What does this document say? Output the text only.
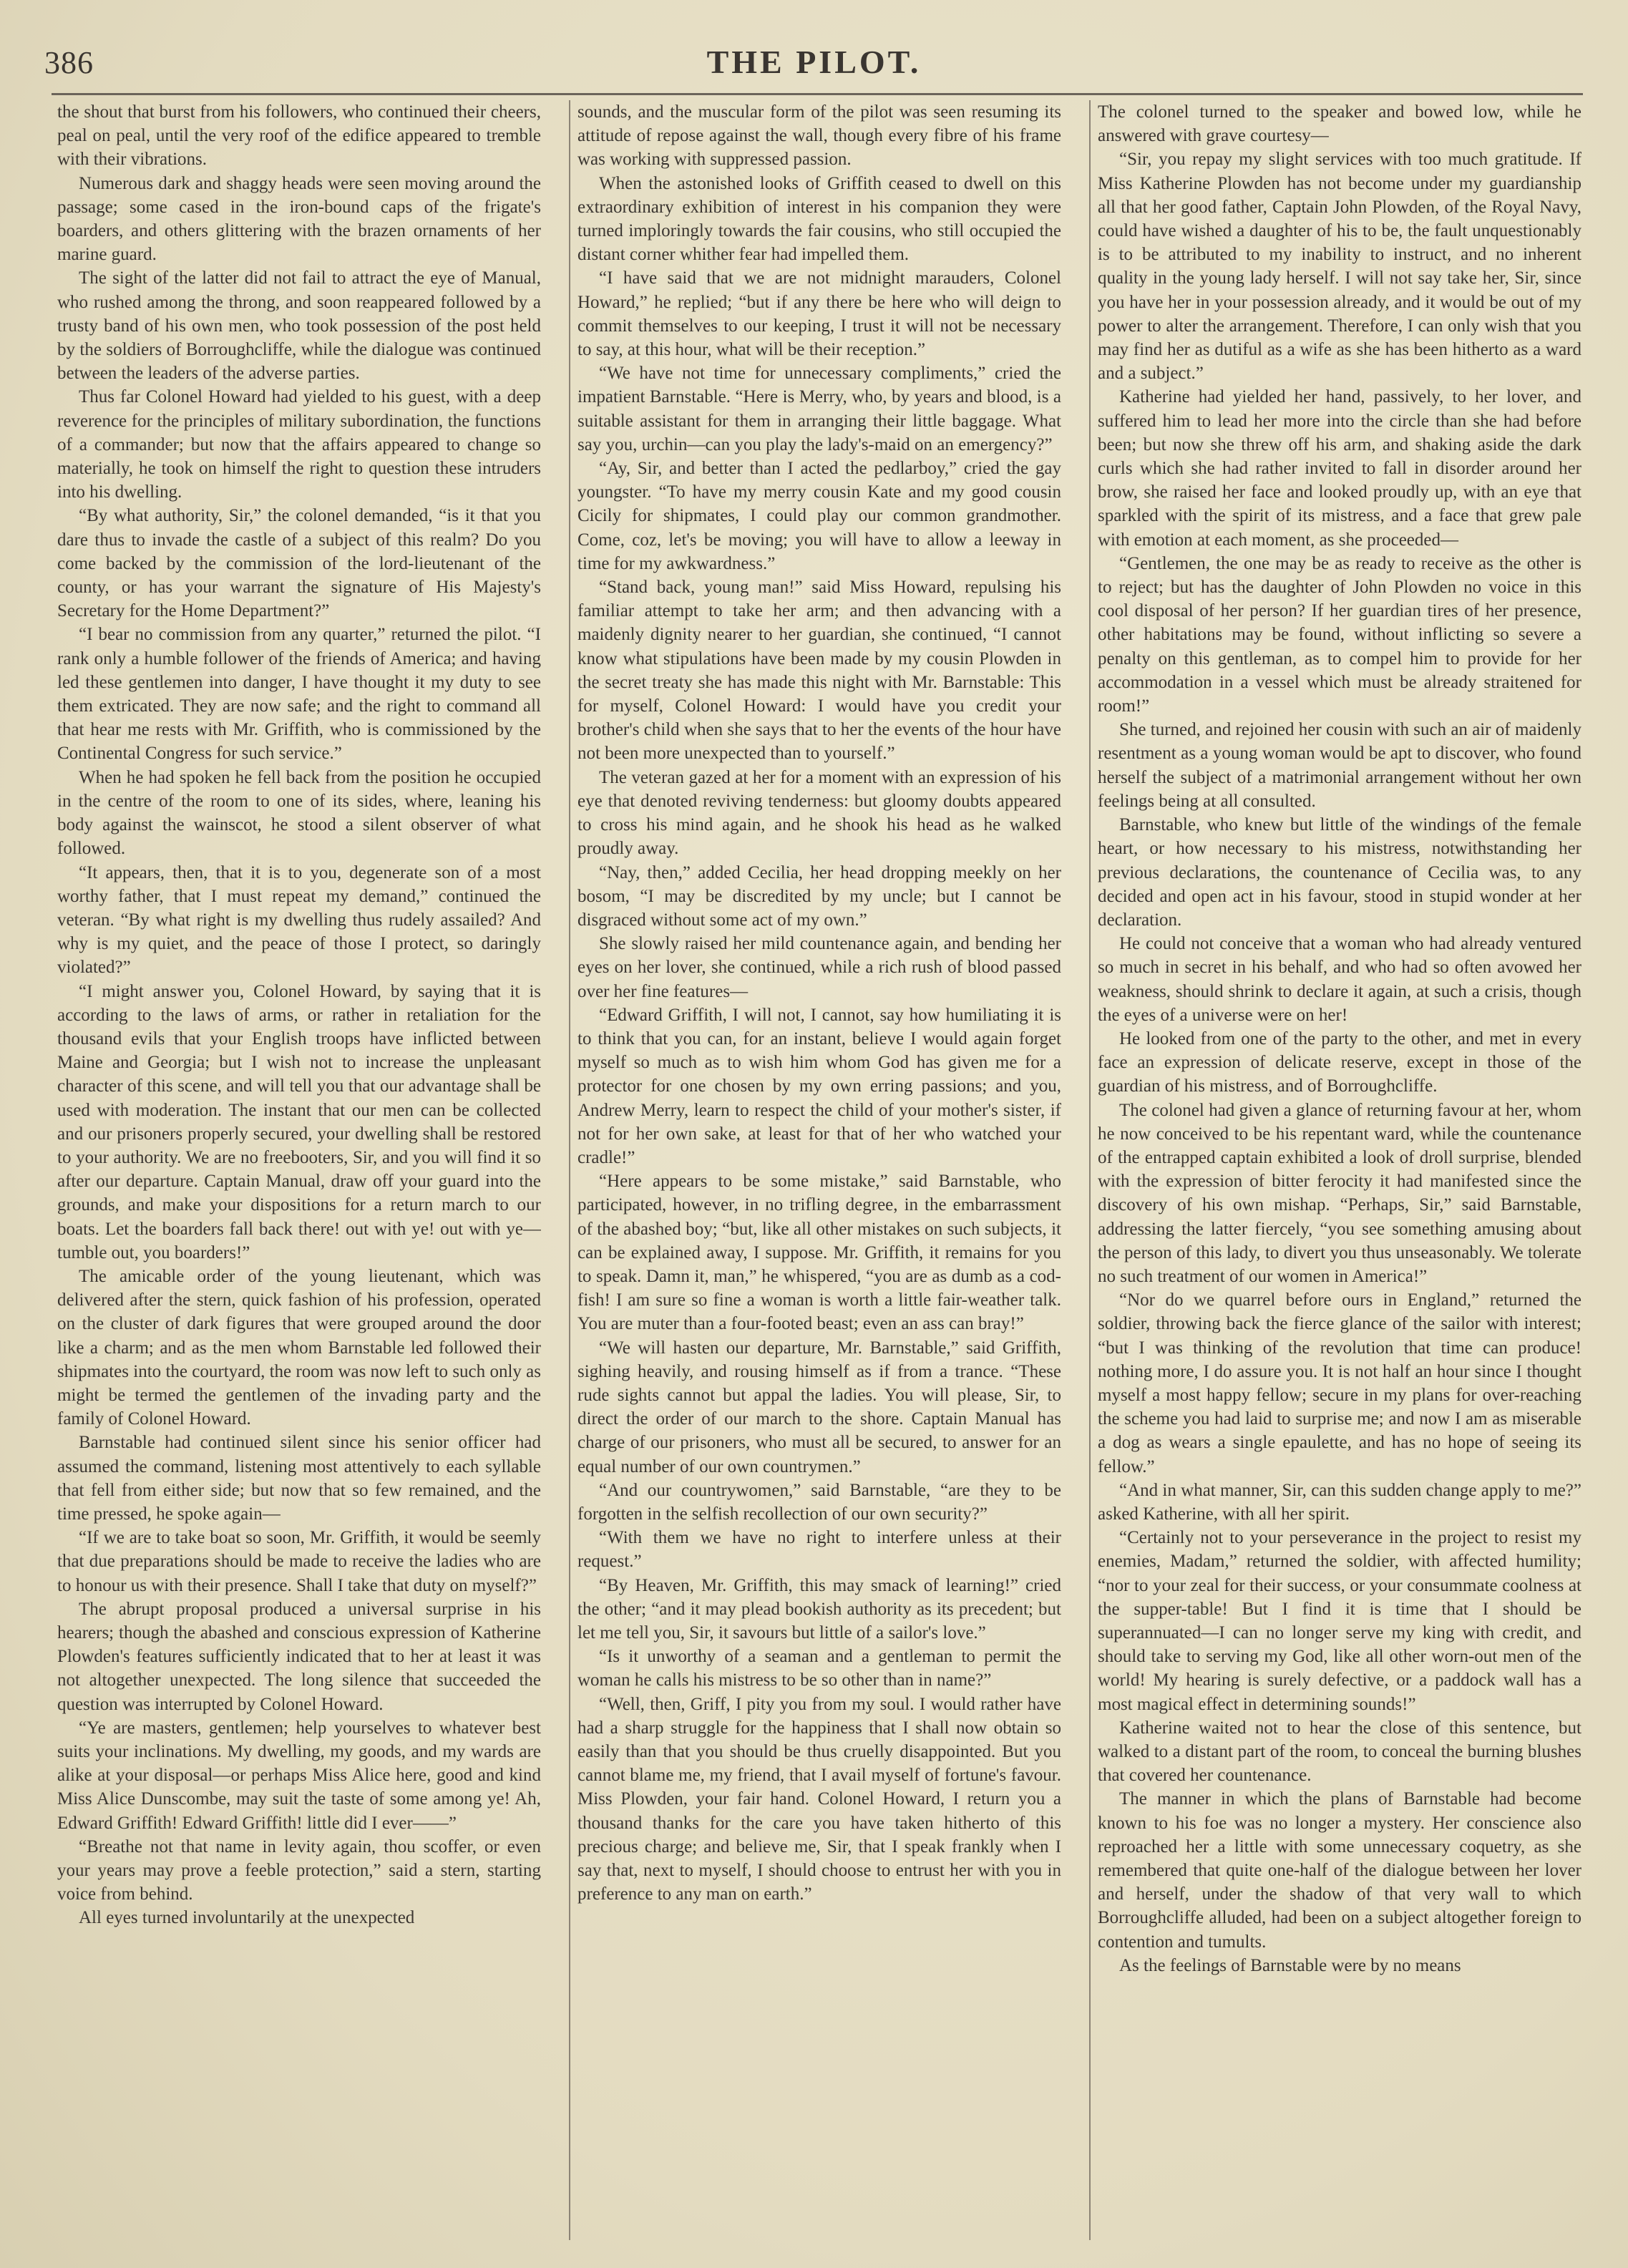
386	THE PILOT.

the shout that burst from his followers, who continued their cheers, peal on peal, until the very roof of the edifice appeared to tremble with their vibrations.

Numerous dark and shaggy heads were seen moving around the passage; some cased in the iron-bound caps of the frigate's boarders, and others glittering with the brazen ornaments of her marine guard.

The sight of the latter did not fail to attract the eye of Manual, who rushed among the throng, and soon reappeared followed by a trusty band of his own men, who took possession of the post held by the soldiers of Borroughcliffe, while the dialogue was continued between the leaders of the adverse parties.

Thus far Colonel Howard had yielded to his guest, with a deep reverence for the principles of military subordination, the functions of a commander; but now that the affairs appeared to change so materially, he took on himself the right to question these intruders into his dwelling.

“By what authority, Sir,” the colonel demanded, “is it that you dare thus to invade the castle of a subject of this realm? Do you come backed by the commission of the lord-lieutenant of the county, or has your warrant the signature of His Majesty's Secretary for the Home Department?”

“I bear no commission from any quarter,” returned the pilot. “I rank only a humble follower of the friends of America; and having led these gentlemen into danger, I have thought it my duty to see them extricated. They are now safe; and the right to command all that hear me rests with Mr. Griffith, who is commissioned by the Continental Congress for such service.”

When he had spoken he fell back from the position he occupied in the centre of the room to one of its sides, where, leaning his body against the wainscot, he stood a silent observer of what followed.

“It appears, then, that it is to you, degenerate son of a most worthy father, that I must repeat my demand,” continued the veteran. “By what right is my dwelling thus rudely assailed? And why is my quiet, and the peace of those I protect, so daringly violated?”

“I might answer you, Colonel Howard, by saying that it is according to the laws of arms, or rather in retaliation for the thousand evils that your English troops have inflicted between Maine and Georgia; but I wish not to increase the unpleasant character of this scene, and will tell you that our advantage shall be used with moderation. The instant that our men can be collected and our prisoners properly secured, your dwelling shall be restored to your authority. We are no freebooters, Sir, and you will find it so after our departure. Captain Manual, draw off your guard into the grounds, and make your dispositions for a return march to our boats. Let the boarders fall back there! out with ye! out with ye—tumble out, you boarders!”

The amicable order of the young lieutenant, which was delivered after the stern, quick fashion of his profession, operated on the cluster of dark figures that were grouped around the door like a charm; and as the men whom Barnstable led followed their shipmates into the courtyard, the room was now left to such only as might be termed the gentlemen of the invading party and the family of Colonel Howard.

Barnstable had continued silent since his senior officer had assumed the command, listening most attentively to each syllable that fell from either side; but now that so few remained, and the time pressed, he spoke again—

“If we are to take boat so soon, Mr. Griffith, it would be seemly that due preparations should be made to receive the ladies who are to honour us with their presence. Shall I take that duty on myself?”

The abrupt proposal produced a universal surprise in his hearers; though the abashed and conscious expression of Katherine Plowden's features sufficiently indicated that to her at least it was not altogether unexpected. The long silence that succeeded the question was interrupted by Colonel Howard.

“Ye are masters, gentlemen; help yourselves to whatever best suits your inclinations. My dwelling, my goods, and my wards are alike at your disposal—or perhaps Miss Alice here, good and kind Miss Alice Dunscombe, may suit the taste of some among ye! Ah, Edward Griffith! Edward Griffith! little did I ever——”

“Breathe not that name in levity again, thou scoffer, or even your years may prove a feeble protection,” said a stern, starting voice from behind.

All eyes turned involuntarily at the unexpected

sounds, and the muscular form of the pilot was seen resuming its attitude of repose against the wall, though every fibre of his frame was working with suppressed passion.

When the astonished looks of Griffith ceased to dwell on this extraordinary exhibition of interest in his companion they were turned imploringly towards the fair cousins, who still occupied the distant corner whither fear had impelled them.

“I have said that we are not midnight marauders, Colonel Howard,” he replied; “but if any there be here who will deign to commit themselves to our keeping, I trust it will not be necessary to say, at this hour, what will be their reception.”

“We have not time for unnecessary compliments,” cried the impatient Barnstable. “Here is Merry, who, by years and blood, is a suitable assistant for them in arranging their little baggage. What say you, urchin—can you play the lady's-maid on an emergency?”

“Ay, Sir, and better than I acted the pedlarboy,” cried the gay youngster. “To have my merry cousin Kate and my good cousin Cicily for shipmates, I could play our common grandmother. Come, coz, let's be moving; you will have to allow a leeway in time for my awkwardness.”

“Stand back, young man!” said Miss Howard, repulsing his familiar attempt to take her arm; and then advancing with a maidenly dignity nearer to her guardian, she continued, “I cannot know what stipulations have been made by my cousin Plowden in the secret treaty she has made this night with Mr. Barnstable: This for myself, Colonel Howard: I would have you credit your brother's child when she says that to her the events of the hour have not been more unexpected than to yourself.”

The veteran gazed at her for a moment with an expression of his eye that denoted reviving tenderness: but gloomy doubts appeared to cross his mind again, and he shook his head as he walked proudly away.

“Nay, then,” added Cecilia, her head dropping meekly on her bosom, “I may be discredited by my uncle; but I cannot be disgraced without some act of my own.”

She slowly raised her mild countenance again, and bending her eyes on her lover, she continued, while a rich rush of blood passed over her fine features—

“Edward Griffith, I will not, I cannot, say how humiliating it is to think that you can, for an instant, believe I would again forget myself so much as to wish him whom God has given me for a protector for one chosen by my own erring passions; and you, Andrew Merry, learn to respect the child of your mother's sister, if not for her own sake, at least for that of her who watched your cradle!”

“Here appears to be some mistake,” said Barnstable, who participated, however, in no trifling degree, in the embarrassment of the abashed boy; “but, like all other mistakes on such subjects, it can be explained away, I suppose. Mr. Griffith, it remains for you to speak. Damn it, man,” he whispered, “you are as dumb as a cod-fish! I am sure so fine a woman is worth a little fair-weather talk. You are muter than a four-footed beast; even an ass can bray!”

“We will hasten our departure, Mr. Barnstable,” said Griffith, sighing heavily, and rousing himself as if from a trance. “These rude sights cannot but appal the ladies. You will please, Sir, to direct the order of our march to the shore. Captain Manual has charge of our prisoners, who must all be secured, to answer for an equal number of our own countrymen.”

“And our countrywomen,” said Barnstable, “are they to be forgotten in the selfish recollection of our own security?”

“With them we have no right to interfere unless at their request.”

“By Heaven, Mr. Griffith, this may smack of learning!” cried the other; “and it may plead bookish authority as its precedent; but let me tell you, Sir, it savours but little of a sailor's love.”

“Is it unworthy of a seaman and a gentleman to permit the woman he calls his mistress to be so other than in name?”

“Well, then, Griff, I pity you from my soul. I would rather have had a sharp struggle for the happiness that I shall now obtain so easily than that you should be thus cruelly disappointed. But you cannot blame me, my friend, that I avail myself of fortune's favour. Miss Plowden, your fair hand. Colonel Howard, I return you a thousand thanks for the care you have taken hitherto of this precious charge; and believe me, Sir, that I speak frankly when I say that, next to myself, I should choose to entrust her with you in preference to any man on earth.”

The colonel turned to the speaker and bowed low, while he answered with grave courtesy—

“Sir, you repay my slight services with too much gratitude. If Miss Katherine Plowden has not become under my guardianship all that her good father, Captain John Plowden, of the Royal Navy, could have wished a daughter of his to be, the fault unquestionably is to be attributed to my inability to instruct, and no inherent quality in the young lady herself. I will not say take her, Sir, since you have her in your possession already, and it would be out of my power to alter the arrangement. Therefore, I can only wish that you may find her as dutiful as a wife as she has been hitherto as a ward and a subject.”

Katherine had yielded her hand, passively, to her lover, and suffered him to lead her more into the circle than she had before been; but now she threw off his arm, and shaking aside the dark curls which she had rather invited to fall in disorder around her brow, she raised her face and looked proudly up, with an eye that sparkled with the spirit of its mistress, and a face that grew pale with emotion at each moment, as she proceeded—

“Gentlemen, the one may be as ready to receive as the other is to reject; but has the daughter of John Plowden no voice in this cool disposal of her person? If her guardian tires of her presence, other habitations may be found, without inflicting so severe a penalty on this gentleman, as to compel him to provide for her accommodation in a vessel which must be already straitened for room!”

She turned, and rejoined her cousin with such an air of maidenly resentment as a young woman would be apt to discover, who found herself the subject of a matrimonial arrangement without her own feelings being at all consulted.

Barnstable, who knew but little of the windings of the female heart, or how necessary to his mistress, notwithstanding her previous declarations, the countenance of Cecilia was, to any decided and open act in his favour, stood in stupid wonder at her declaration.

He could not conceive that a woman who had already ventured so much in secret in his behalf, and who had so often avowed her weakness, should shrink to declare it again, at such a crisis, though the eyes of a universe were on her!

He looked from one of the party to the other, and met in every face an expression of delicate reserve, except in those of the guardian of his mistress, and of Borroughcliffe.

The colonel had given a glance of returning favour at her, whom he now conceived to be his repentant ward, while the countenance of the entrapped captain exhibited a look of droll surprise, blended with the expression of bitter ferocity it had manifested since the discovery of his own mishap. “Perhaps, Sir,” said Barnstable, addressing the latter fiercely, “you see something amusing about the person of this lady, to divert you thus unseasonably. We tolerate no such treatment of our women in America!”

“Nor do we quarrel before ours in England,” returned the soldier, throwing back the fierce glance of the sailor with interest; “but I was thinking of the revolution that time can produce! nothing more, I do assure you. It is not half an hour since I thought myself a most happy fellow; secure in my plans for over-reaching the scheme you had laid to surprise me; and now I am as miserable a dog as wears a single epaulette, and has no hope of seeing its fellow.”

“And in what manner, Sir, can this sudden change apply to me?” asked Katherine, with all her spirit.

“Certainly not to your perseverance in the project to resist my enemies, Madam,” returned the soldier, with affected humility; “nor to your zeal for their success, or your consummate coolness at the supper-table! But I find it is time that I should be superannuated—I can no longer serve my king with credit, and should take to serving my God, like all other worn-out men of the world! My hearing is surely defective, or a paddock wall has a most magical effect in determining sounds!”

Katherine waited not to hear the close of this sentence, but walked to a distant part of the room, to conceal the burning blushes that covered her countenance.

The manner in which the plans of Barnstable had become known to his foe was no longer a mystery. Her conscience also reproached her a little with some unnecessary coquetry, as she remembered that quite one-half of the dialogue between her lover and herself, under the shadow of that very wall to which Borroughcliffe alluded, had been on a subject altogether foreign to contention and tumults.

As the feelings of Barnstable were by no means
